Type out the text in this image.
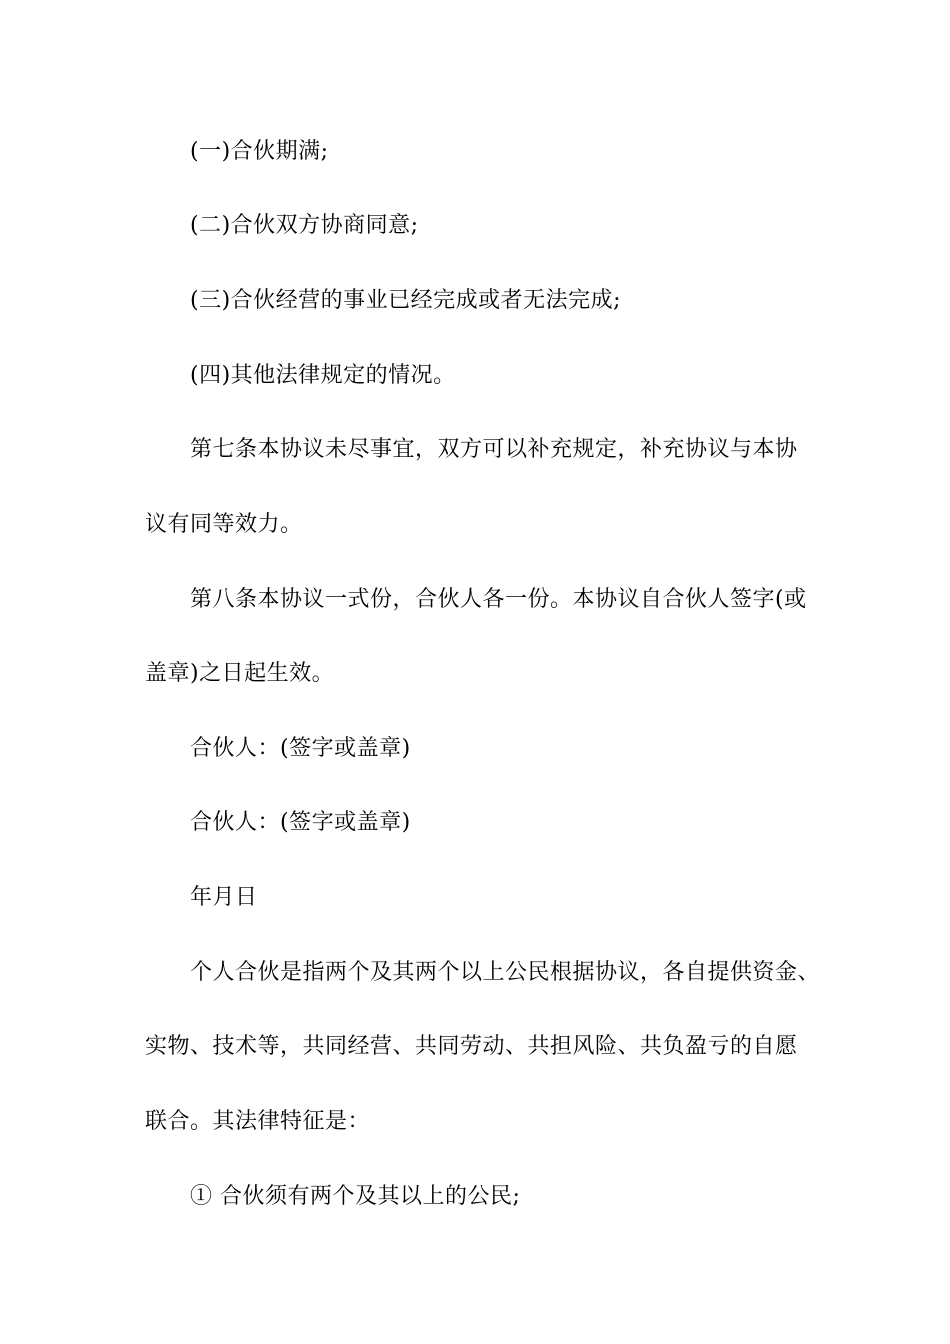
(一)合伙期满;
(二)合伙双方协商同意;
(三)合伙经营的事业已经完成或者无法完成;
(四)其他法律规定的情况。
第七条本协议未尽事宜，双方可以补充规定，补充协议与本协
议有同等效力。
第八条本协议一式份，合伙人各一份。本协议自合伙人签字(或
盖章)之日起生效。
合伙人：(签字或盖章)
合伙人：(签字或盖章)
年月日
个人合伙是指两个及其两个以上公民根据协议，各自提供资金、
实物、技术等，共同经营、共同劳动、共担风险、共负盈亏的自愿
联合。其法律特征是：
① 合伙须有两个及其以上的公民;
